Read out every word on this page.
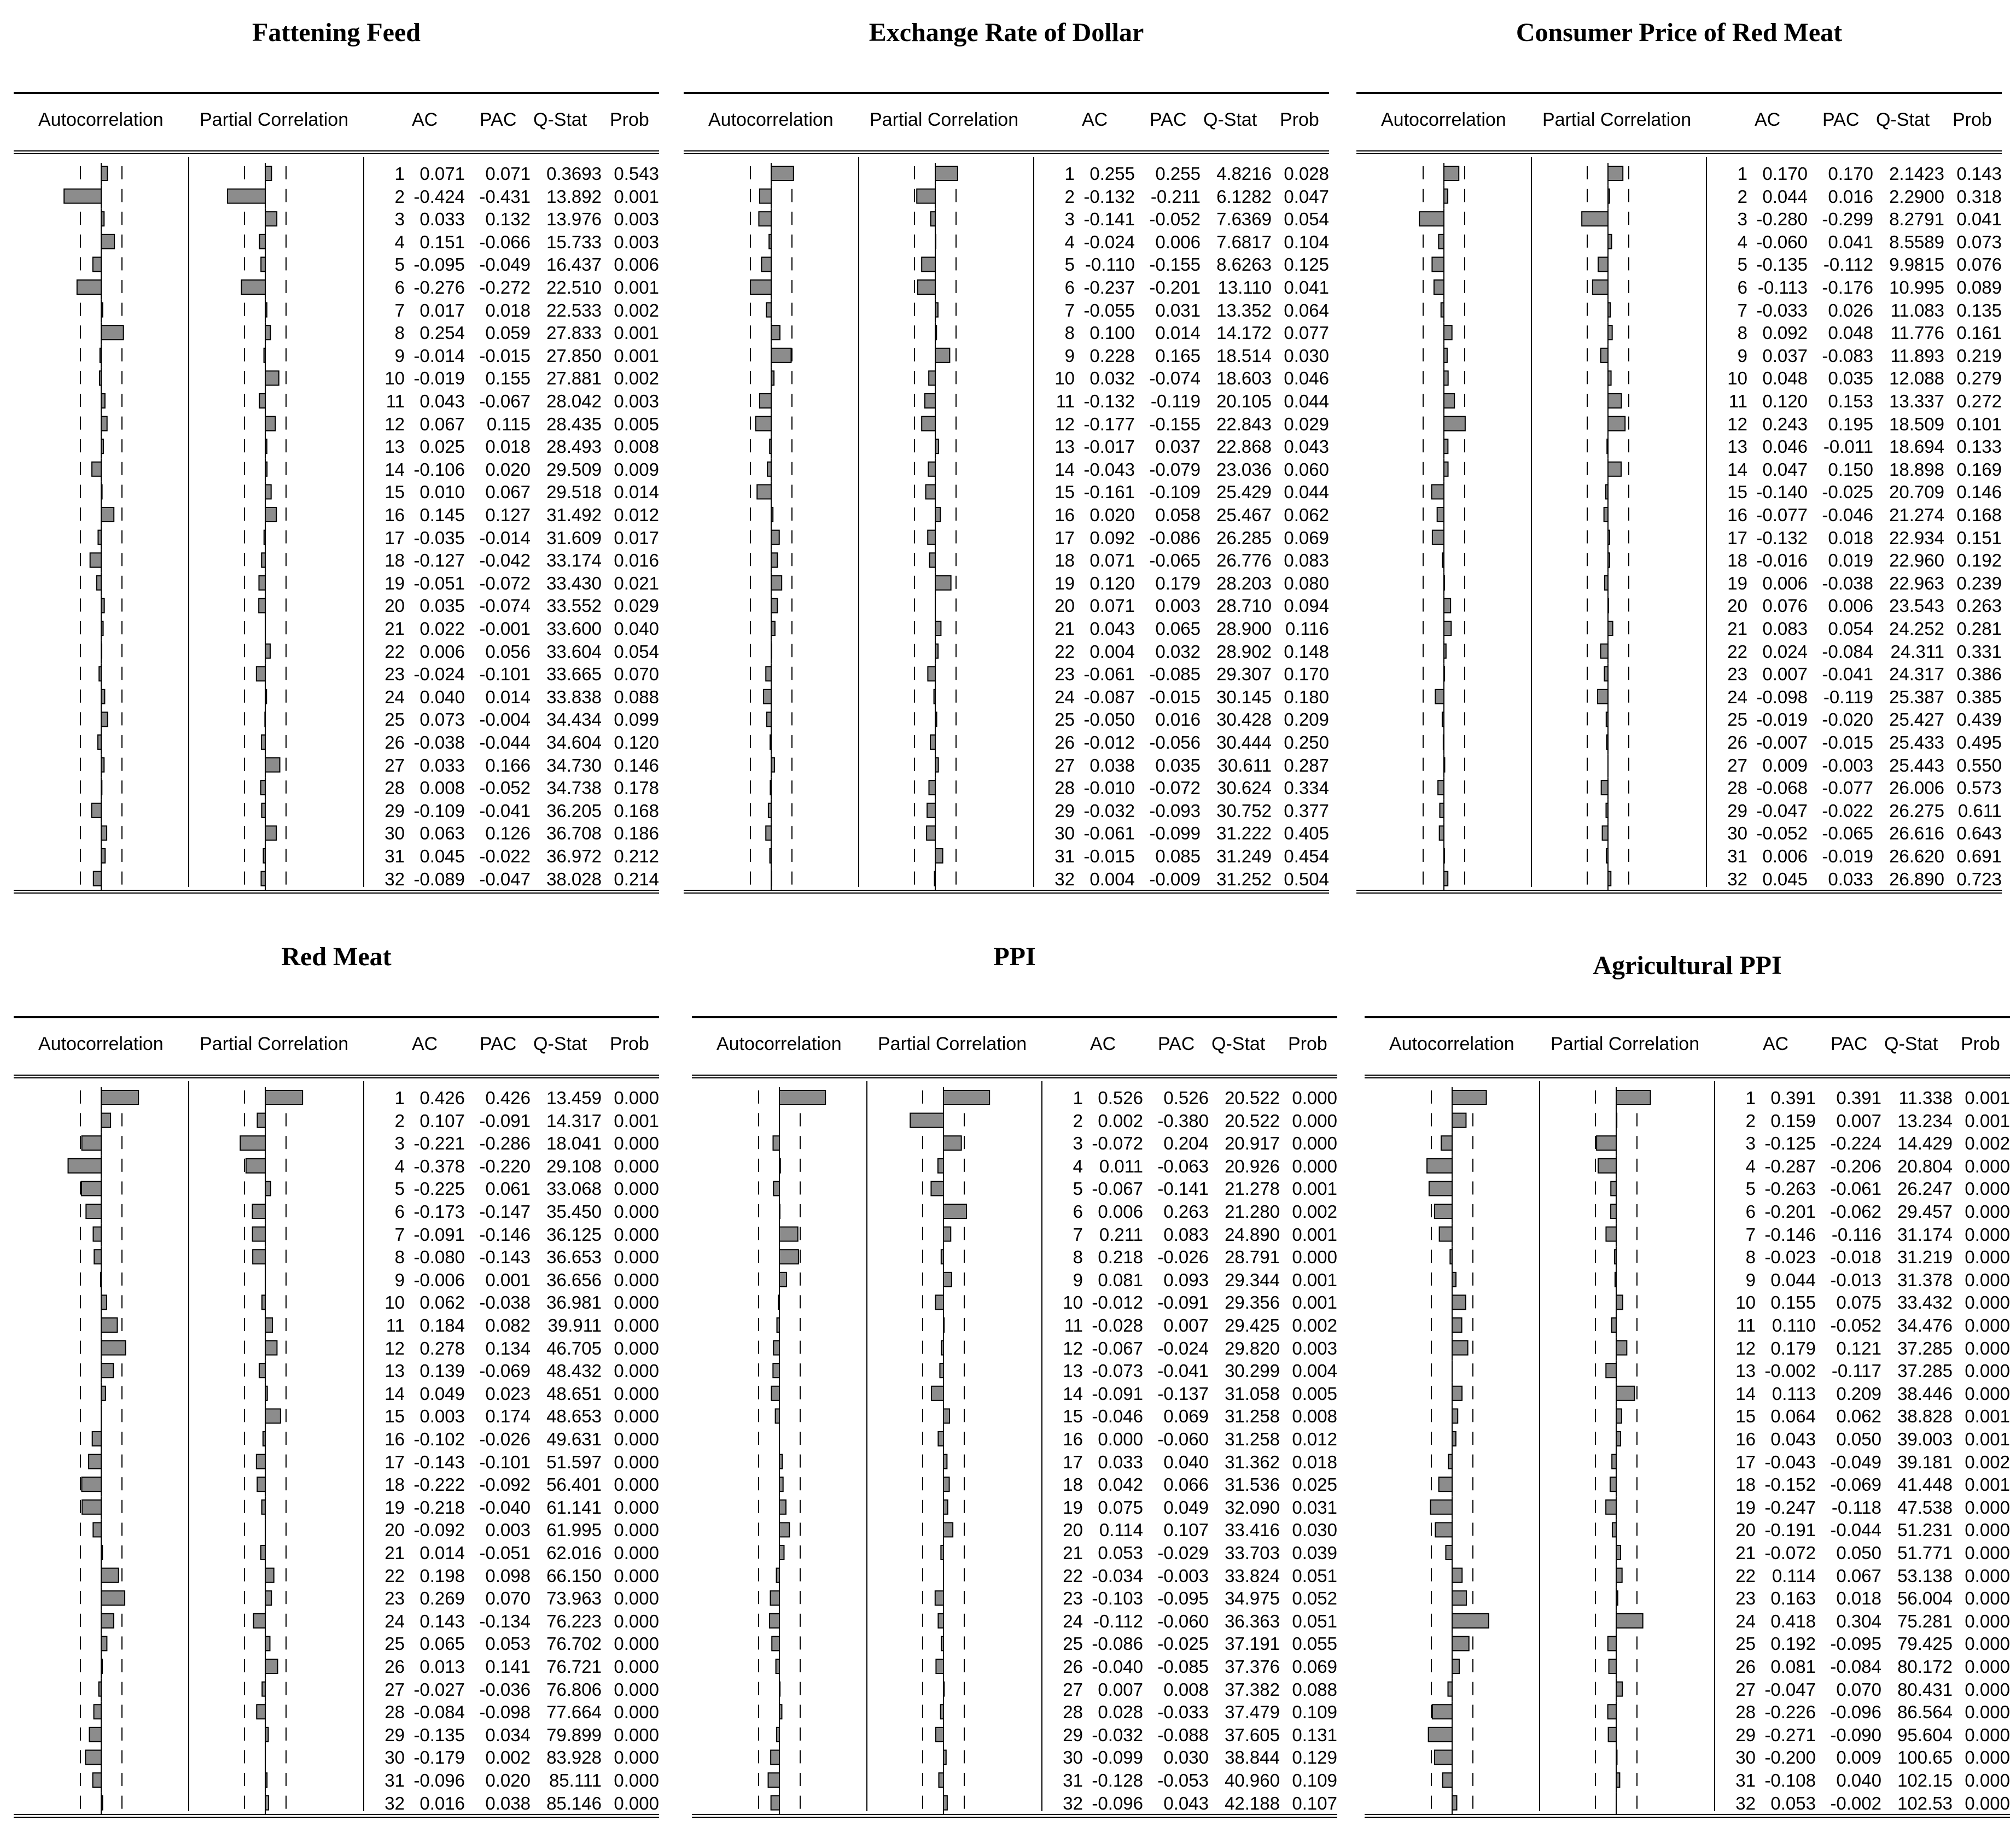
Fattening Feed
Autocorrelation Partial Correlation	AC PAC Q-Stat Prob
1 0.071	0.071 0.3693 0.543
2 -0.424 -0.431 13.892 0.001
3 0.033	0.132 13.976 0.003
4 0.151 -0.066 15.733 0.003
5 -0.095 -0.049 16.437 0.006
6 -0.276 -0.272 22.510 0.001
7 0.017	0.018 22.533 0.002
8 0.254	0.059 27.833 0.001
9 -0.014 -0.015 27.850 0.001
10 -0.019	0.155 27.881 0.002
11 0.043 -0.067 28.042 0.003
12 0.067	0.115 28.435 0.005
13 0.025	0.018 28.493 0.008
14 -0.106	0.020 29.509 0.009
15 0.010	0.067 29.518 0.014
16 0.145	0.127 31.492 0.012
17 -0.035 -0.014 31.609 0.017
18 -0.127 -0.042 33.174 0.016
19 -0.051 -0.072 33.430 0.021
20 0.035 -0.074 33.552 0.029
21 0.022 -0.001 33.600 0.040
22 0.006	0.056 33.604 0.054
23 -0.024 -0.101 33.665 0.070
24 0.040	0.014 33.838 0.088
25 0.073 -0.004 34.434 0.099
26 -0.038 -0.044 34.604 0.120
27 0.033	0.166 34.730 0.146
28 0.008 -0.052 34.738 0.178
29 -0.109 -0.041 36.205 0.168
30 0.063	0.126 36.708 0.186
31 0.045 -0.022 36.972 0.212
32 -0.089 -0.047 38.028 0.214
Exchange Rate of Dollar
Autocorrelation Partial Correlation	AC PAC Q-Stat Prob
1 0.255	0.255 4.8216 0.028
2 -0.132 -0.211 6.1282 0.047
3 -0.141 -0.052 7.6369 0.054
4 -0.024	0.006 7.6817 0.104
5 -0.110 -0.155 8.6263 0.125
6 -0.237 -0.201 13.110 0.041
7 -0.055	0.031 13.352 0.064
8 0.100	0.014 14.172 0.077
9 0.228	0.165 18.514 0.030
10 0.032 -0.074 18.603 0.046
11 -0.132 -0.119 20.105 0.044
12 -0.177 -0.155 22.843 0.029
13 -0.017	0.037 22.868 0.043
14 -0.043 -0.079 23.036 0.060
15 -0.161 -0.109 25.429 0.044
16 0.020	0.058 25.467 0.062
17 0.092 -0.086 26.285 0.069
18 0.071 -0.065 26.776 0.083
19 0.120	0.179 28.203 0.080
20 0.071	0.003 28.710 0.094
21 0.043	0.065 28.900 0.116
22 0.004	0.032 28.902 0.148
23 -0.061 -0.085 29.307 0.170
24 -0.087 -0.015 30.145 0.180
25 -0.050	0.016 30.428 0.209
26 -0.012 -0.056 30.444 0.250
27 0.038	0.035 30.611 0.287
28 -0.010 -0.072 30.624 0.334
29 -0.032 -0.093 30.752 0.377
30 -0.061 -0.099 31.222 0.405
31 -0.015	0.085 31.249 0.454
32 0.004 -0.009 31.252 0.504
Consumer Price of Red Meat
Autocorrelation Partial Correlation	AC PAC Q-Stat Prob
1 0.170	0.170 2.1423 0.143
2 0.044	0.016 2.2900 0.318
3 -0.280 -0.299 8.2791 0.041
4 -0.060	0.041 8.5589 0.073
5 -0.135 -0.112 9.9815 0.076
6 -0.113 -0.176 10.995 0.089
7 -0.033	0.026 11.083 0.135
8 0.092	0.048 11.776 0.161
9 0.037 -0.083 11.893 0.219
10 0.048	0.035 12.088 0.279
11 0.120	0.153 13.337 0.272
12 0.243	0.195 18.509 0.101
13 0.046 -0.011 18.694 0.133
14 0.047	0.150 18.898 0.169
15 -0.140 -0.025 20.709 0.146
16 -0.077 -0.046 21.274 0.168
17 -0.132	0.018 22.934 0.151
18 -0.016	0.019 22.960 0.192
19 0.006 -0.038 22.963 0.239
20 0.076	0.006 23.543 0.263
21 0.083	0.054 24.252 0.281
22 0.024 -0.084 24.311 0.331
23 0.007 -0.041 24.317 0.386
24 -0.098 -0.119 25.387 0.385
25 -0.019 -0.020 25.427 0.439
26 -0.007 -0.015 25.433 0.495
27 0.009 -0.003 25.443 0.550
28 -0.068 -0.077 26.006 0.573
29 -0.047 -0.022 26.275 0.611
30 -0.052 -0.065 26.616 0.643
31 0.006 -0.019 26.620 0.691
32 0.045	0.033 26.890 0.723
Red Meat
Autocorrelation Partial Correlation	AC PAC Q-Stat Prob
1 0.426	0.426 13.459 0.000
2 0.107 -0.091 14.317 0.001
3 -0.221 -0.286 18.041 0.000
4 -0.378 -0.220 29.108 0.000
5 -0.225	0.061 33.068 0.000
6 -0.173 -0.147 35.450 0.000
7 -0.091 -0.146 36.125 0.000
8 -0.080 -0.143 36.653 0.000
9 -0.006	0.001 36.656 0.000
10 0.062 -0.038 36.981 0.000
11 0.184	0.082 39.911 0.000
12 0.278	0.134 46.705 0.000
13 0.139 -0.069 48.432 0.000
14 0.049	0.023 48.651 0.000
15 0.003	0.174 48.653 0.000
16 -0.102 -0.026 49.631 0.000
17 -0.143 -0.101 51.597 0.000
18 -0.222 -0.092 56.401 0.000
19 -0.218 -0.040 61.141 0.000
20 -0.092	0.003 61.995 0.000
21 0.014 -0.051 62.016 0.000
22 0.198	0.098 66.150 0.000
23 0.269	0.070 73.963 0.000
24 0.143 -0.134 76.223 0.000
25 0.065	0.053 76.702 0.000
26 0.013	0.141 76.721 0.000
27 -0.027 -0.036 76.806 0.000
28 -0.084 -0.098 77.664 0.000
29 -0.135	0.034 79.899 0.000
30 -0.179	0.002 83.928 0.000
31 -0.096	0.020	85.111 0.000
32 0.016	0.038 85.146 0.000
PPI
Autocorrelation Partial Correlation	AC PAC Q-Stat Prob
1 0.526	0.526 20.522 0.000
2 0.002 -0.380 20.522 0.000
3 -0.072	0.204 20.917 0.000
4 0.011 -0.063 20.926 0.000
5 -0.067 -0.141 21.278 0.001
6 0.006	0.263 21.280 0.002
7 0.211	0.083 24.890 0.001
8 0.218 -0.026 28.791 0.000
9 0.081	0.093 29.344 0.001
10 -0.012 -0.091 29.356 0.001
11 -0.028	0.007 29.425 0.002
12 -0.067 -0.024 29.820 0.003
13 -0.073 -0.041 30.299 0.004
14 -0.091 -0.137 31.058 0.005
15 -0.046	0.069 31.258 0.008
16 0.000 -0.060 31.258 0.012
17 0.033	0.040 31.362 0.018
18 0.042	0.066 31.536 0.025
19 0.075	0.049 32.090 0.031
20 0.114	0.107 33.416 0.030
21 0.053 -0.029 33.703 0.039
22 -0.034 -0.003 33.824 0.051
23 -0.103 -0.095 34.975 0.052
24 -0.112 -0.060 36.363 0.051
25 -0.086 -0.025 37.191 0.055
26 -0.040 -0.085 37.376 0.069
27 0.007	0.008 37.382 0.088
28 0.028 -0.033 37.479 0.109
29 -0.032 -0.088 37.605 0.131
30 -0.099	0.030 38.844 0.129
31 -0.128 -0.053 40.960 0.109
32 -0.096	0.043 42.188 0.107
Agricultural PPI
Autocorrelation Partial Correlation	AC PAC Q-Stat Prob
1 0.391	0.391 11.338 0.001
2 0.159	0.007 13.234 0.001
3 -0.125 -0.224 14.429 0.002
4 -0.287 -0.206 20.804 0.000
5 -0.263 -0.061 26.247 0.000
6 -0.201 -0.062 29.457 0.000
7 -0.146 -0.116 31.174 0.000
8 -0.023 -0.018 31.219 0.000
9 0.044 -0.013 31.378 0.000
10 0.155	0.075 33.432 0.000
11 0.110 -0.052 34.476 0.000
12 0.179	0.121 37.285 0.000
13 -0.002 -0.117 37.285 0.000
14 0.113	0.209 38.446 0.000
15 0.064	0.062 38.828 0.001
16 0.043	0.050 39.003 0.001
17 -0.043 -0.049 39.181 0.002
18 -0.152 -0.069 41.448 0.001
19 -0.247 -0.118 47.538 0.000
20 -0.191 -0.044 51.231 0.000
21 -0.072	0.050 51.771 0.000
22 0.114	0.067 53.138 0.000
23 0.163	0.018 56.004 0.000
24 0.418	0.304 75.281 0.000
25 0.192 -0.095 79.425 0.000
26 0.081 -0.084 80.172 0.000
27 -0.047	0.070 80.431 0.000
28 -0.226 -0.096 86.564 0.000
29 -0.271 -0.090 95.604 0.000
30 -0.200	0.009 100.65 0.000
31 -0.108	0.040 102.15 0.000
32 0.053 -0.002 102.53 0.000
